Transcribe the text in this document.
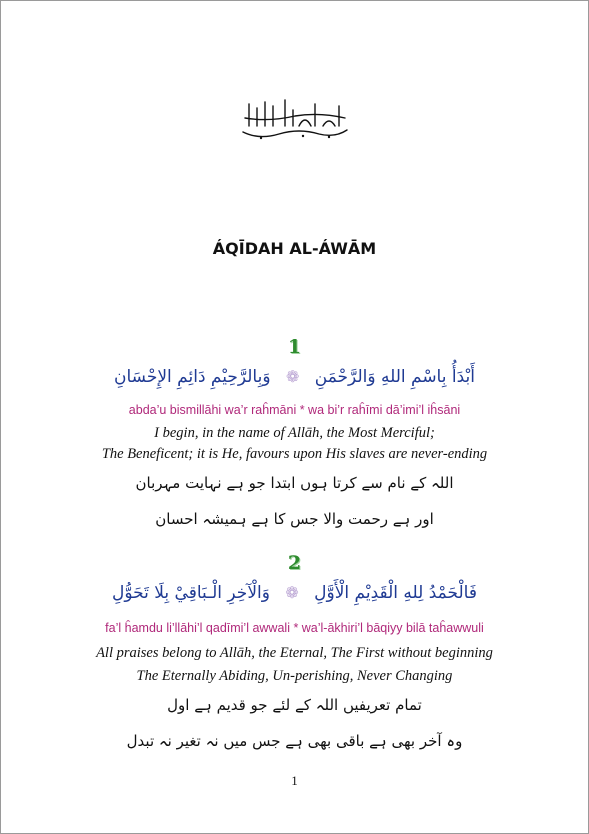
ÁQĪDAH AL-ÁWĀM
1
أَبْدَأُ بِاسْمِ اللهِ وَالرَّحْمَنِ ❁ وَبِالرَّحِيْمِ دَائِمِ الإِحْسَانِ
abda’u bismillāhi wa’r raĥmāni * wa bi’r raĥīmi dā’imi’l iĥsāni
I begin, in the name of Allāh, the Most Merciful;
The Beneficent; it is He, favours upon His slaves are never-ending
اللہ کے نام سے کرتا ہوں ابتدا جو ہے نہایت مہربان
اور ہے رحمت والا جس کا ہے ہمیشہ احسان
2
فَالْحَمْدُ لِلهِ الْقَدِيْمِ الْأَوَّلِ ❁ وَالْآخِرِ الْـبَاقِيْ بِلَا تَحَوُّلِ
fa’l ĥamdu li’llāhi’l qadīmi’l awwali * wa’l-ākhiri’l bāqiyy bilā taĥawwuli
All praises belong to Allāh, the Eternal, The First without beginning
The Eternally Abiding, Un-perishing, Never Changing
تمام تعریفیں اللہ کے لئے جو قدیم ہے اول
وہ آخر بھی ہے باقی بھی ہے جس میں نہ تغیر نہ تبدل
1
